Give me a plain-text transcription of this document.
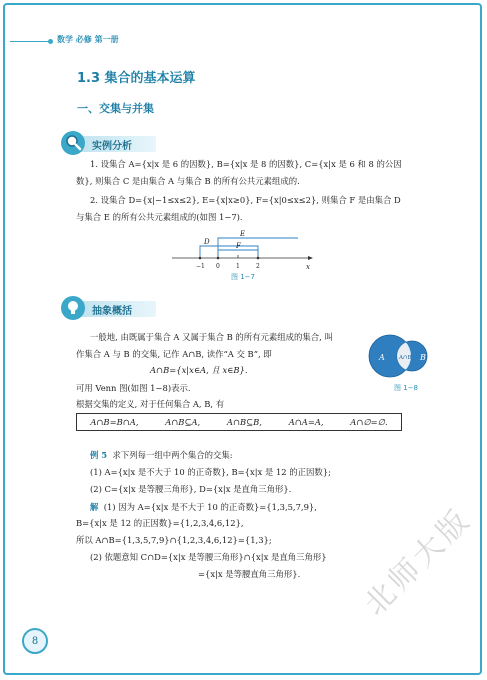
数学 必修 第一册
1.3 集合的基本运算
一、交集与并集
实例分析
1. 设集合 A={x|x 是 6 的因数}, B={x|x 是 8 的因数}, C={x|x 是 6 和 8 的公因
数}, 则集合 C 是由集合 A 与集合 B 的所有公共元素组成的.
2. 设集合 D={x|−1≤x≤2}, E={x|x≥0}, F={x|0≤x≤2}, 则集合 F 是由集合 D
与集合 E 的所有公共元素组成的(如图 1−7).
D
E
F
x
−1 0	1	2
图 1−7
抽象概括
一般地, 由既属于集合 A 又属于集合 B 的所有元素组成的集合, 叫
作集合 A 与 B 的交集, 记作 A∩B, 读作“A 交 B”, 即
A∩B={x|x∈A, 且 x∈B}.
可用 Venn 图(如图 1−8)表示.
根据交集的定义, 对于任何集合 A, B, 有
A	B
A∩B
图 1−8
A∩B=B∩A,	A∩B⊆A,	A∩B⊆B,	A∩A=A,	A∩∅=∅.
例 5 求下列每一组中两个集合的交集:
(1) A={x|x 是不大于 10 的正奇数}, B={x|x 是 12 的正因数};
(2) C={x|x 是等腰三角形}, D={x|x 是直角三角形}.
解 (1) 因为 A={x|x 是不大于 10 的正奇数}={1,3,5,7,9},
B={x|x 是 12 的正因数}={1,2,3,4,6,12},
所以 A∩B={1,3,5,7,9}∩{1,2,3,4,6,12}={1,3};
(2) 依题意知 C∩D={x|x 是等腰三角形}∩{x|x 是直角三角形}
={x|x 是等腰直角三角形}.
8
北师大版
